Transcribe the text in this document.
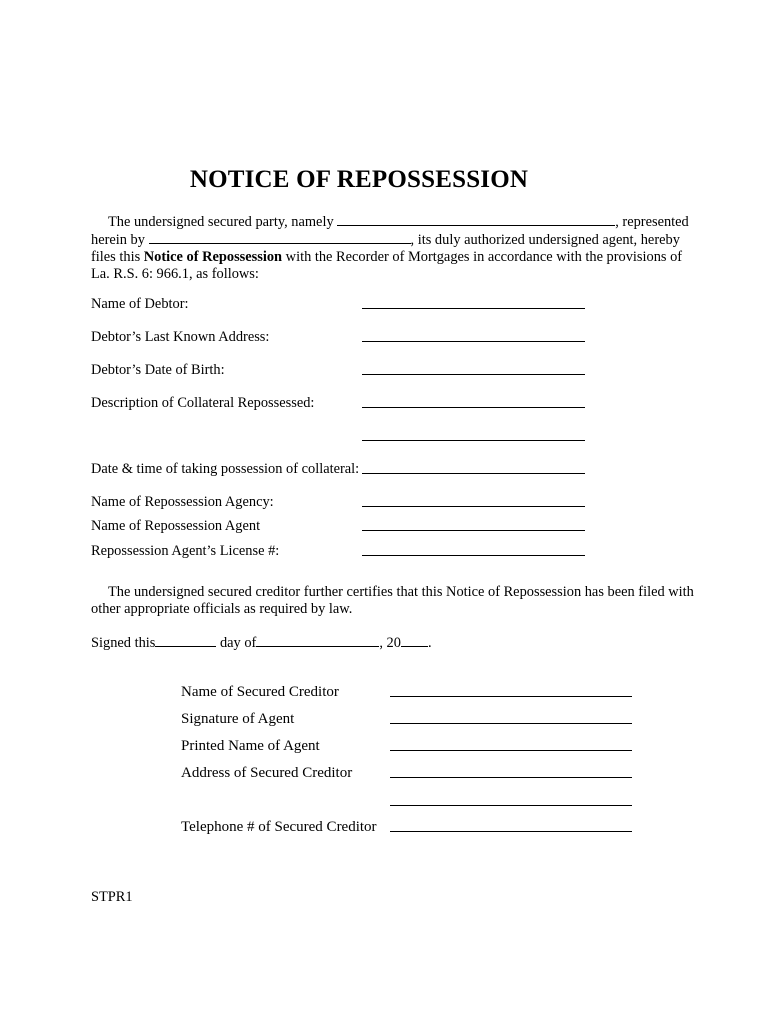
NOTICE OF REPOSSESSION
The undersigned secured party, namely	, represented
herein by	, its duly authorized undersigned agent, hereby
files this Notice of Repossession with the Recorder of Mortgages in accordance with the provisions of
La. R.S. 6: 966.1, as follows:
Name of Debtor:
Debtor’s Last Known Address:
Debtor’s Date of Birth:
Description of Collateral Repossessed:
Date & time of taking possession of collateral:
Name of Repossession Agency:
Name of Repossession Agent
Repossession Agent’s License #:
The undersigned secured creditor further certifies that this Notice of Repossession has been filed with
other appropriate officials as required by law.
Signed this	day of	, 20 .
Name of Secured Creditor
Signature of Agent
Printed Name of Agent
Address of Secured Creditor
Telephone # of Secured Creditor
STPR1
